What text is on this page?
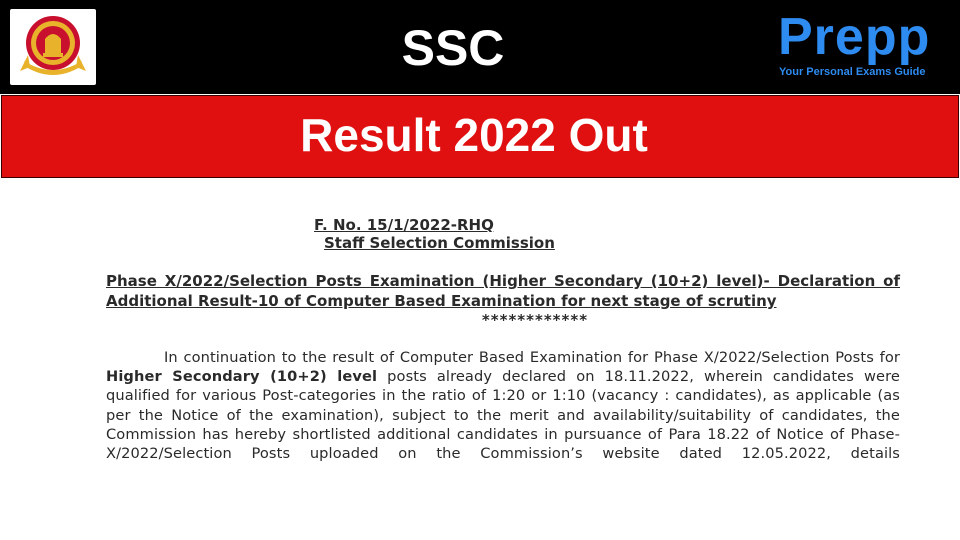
SSC	Prepp
Your Personal Exams Guide
Result 2022 Out

F. No. 15/1/2022-RHQ

Staff Selection Commission

Phase X/2022/Selection Posts Examination (Higher Secondary (10+2) level)- Declaration of Additional Result-10 of Computer Based Examination for next stage of scrutiny
************
In continuation to the result of Computer Based Examination for Phase X/2022/Selection Posts for Higher Secondary (10+2) level posts already declared on 18.11.2022, wherein candidates were qualified for various Post-categories in the ratio of 1:20 or 1:10 (vacancy : candidates), as applicable (as per the Notice of the examination), subject to the merit and availability/suitability of candidates, the Commission has hereby shortlisted additional candidates in pursuance of Para 18.22 of Notice of Phase-X/2022/Selection Posts uploaded on the Commission’s website dated 12.05.2022, details
